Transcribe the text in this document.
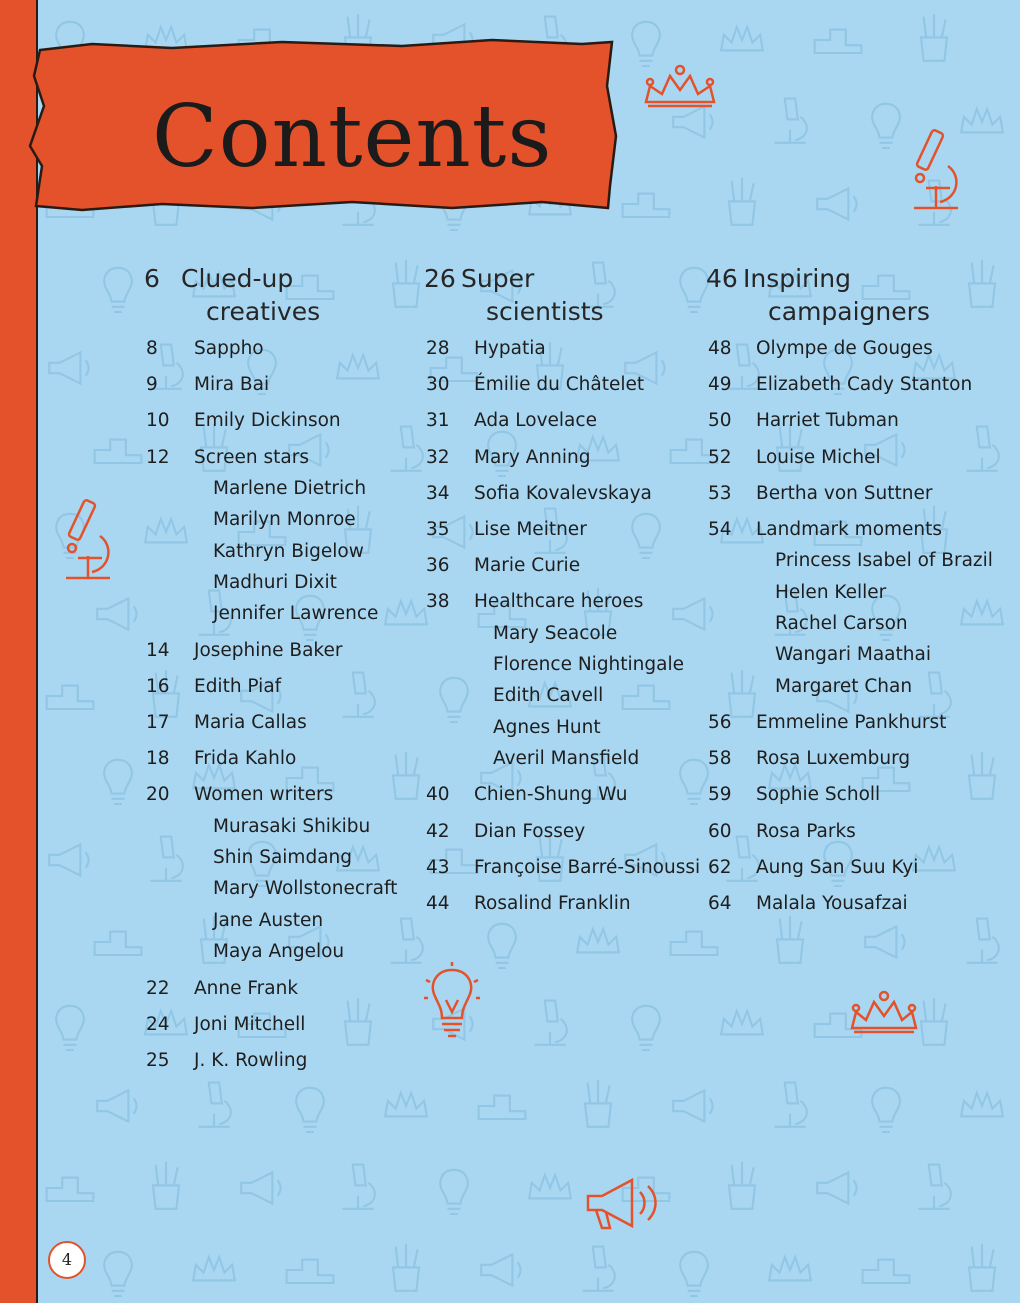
Contents
6 Clued-up
creatives
8 Sappho
9 Mira Bai
10 Emily Dickinson
12 Screen stars
Marlene Dietrich
Marilyn Monroe
Kathryn Bigelow
Madhuri Dixit
Jennifer Lawrence
14 Josephine Baker
16 Edith Piaf
17 Maria Callas
18 Frida Kahlo
20 Women writers
Murasaki Shikibu
Shin Saimdang
Mary Wollstonecraft
Jane Austen
Maya Angelou
22 Anne Frank
24 Joni Mitchell
25 J. K. Rowling
26 Super
scientists
28 Hypatia
30 Émilie du Châtelet
31 Ada Lovelace
32 Mary Anning
34 Sofia Kovalevskaya
35 Lise Meitner
36 Marie Curie
38 Healthcare heroes
Mary Seacole
Florence Nightingale
Edith Cavell
Agnes Hunt
Averil Mansfield
40 Chien-Shung Wu
42 Dian Fossey
43 Françoise Barré-Sinoussi
44 Rosalind Franklin
46 Inspiring
campaigners
48 Olympe de Gouges
49 Elizabeth Cady Stanton
50 Harriet Tubman
52 Louise Michel
53 Bertha von Suttner
54 Landmark moments
Princess Isabel of Brazil
Helen Keller
Rachel Carson
Wangari Maathai
Margaret Chan
56 Emmeline Pankhurst
58 Rosa Luxemburg
59 Sophie Scholl
60 Rosa Parks
62 Aung San Suu Kyi
64 Malala Yousafzai
4
